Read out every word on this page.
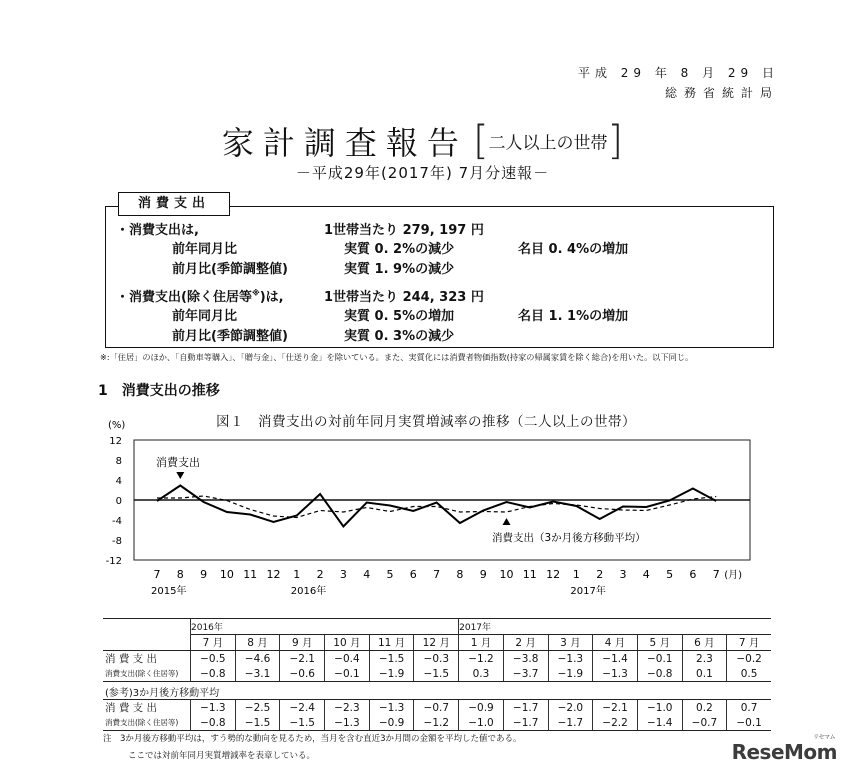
平成 29 年 8 月 29 日
総務省統計局
家計調査報告 [二人以上の世帯]
－平成29年(2017年) 7月分速報－
・消費支出は,	1世帯当たり 279, 197 円
前年同月比	実質 0. 2%の減少	名目 0. 4%の増加
前月比(季節調整値)	実質 1. 9%の減少
・消費支出(除く住居等※)は,	1世帯当たり 244, 323 円
前年同月比	実質 0. 5%の増加	名目 1. 1%の増加
前月比(季節調整値)	実質 0. 3%の減少
消費支出
※:「住居」のほか、「自動車等購入」、「贈与金」、「仕送り金」を除いている。また、実質化には消費者物価指数(持家の帰属家賃を除く総合)を用いた。以下同じ。
1　 消費支出の推移
図１　消費支出の対前年同月実質増減率の推移（二人以上の世帯）
(%)
12
8
4
0
-4
-8
-12
7 8 9 10 11 12 1 2 3 4 5 6 7 8 9 10 11 12 1 2 3 4 5 6 7 (月)
2015年	2016年	2017年
消費支出
消費支出（3か月後方移動平均）
	2016年						2017年						
	7 月	8 月	9 月	10 月	11 月	12 月	1 月	2 月	3 月	4 月	5 月	6 月	7 月
消 費 支 出	−0.5	−4.6	−2.1	−0.4	−1.5	−0.3	−1.2	−3.8	−1.3	−1.4	−0.1	2.3	−0.2
消費支出(除く住居等)	−0.8	−3.1	−0.6	−0.1	−1.9	−1.5	0.3	−3.7	−1.9	−1.3	−0.8	0.1	0.5
(参考)3か月後方移動平均													
消 費 支 出	−1.3	−2.5	−2.4	−2.3	−1.3	−0.7	−0.9	−1.7	−2.0	−2.1	−1.0	0.2	0.7
消費支出(除く住居等)	−0.8	−1.5	−1.5	−1.3	−0.9	−1.2	−1.0	−1.7	−1.7	−2.2	−1.4	−0.7	−0.1
注　3か月後方移動平均は，すう勢的な動向を見るため，当月を含む直近3か月間の金額を平均した値である。
ここでは対前年同月実質増減率を表章している。	ReseMom$^{リセマム}$
